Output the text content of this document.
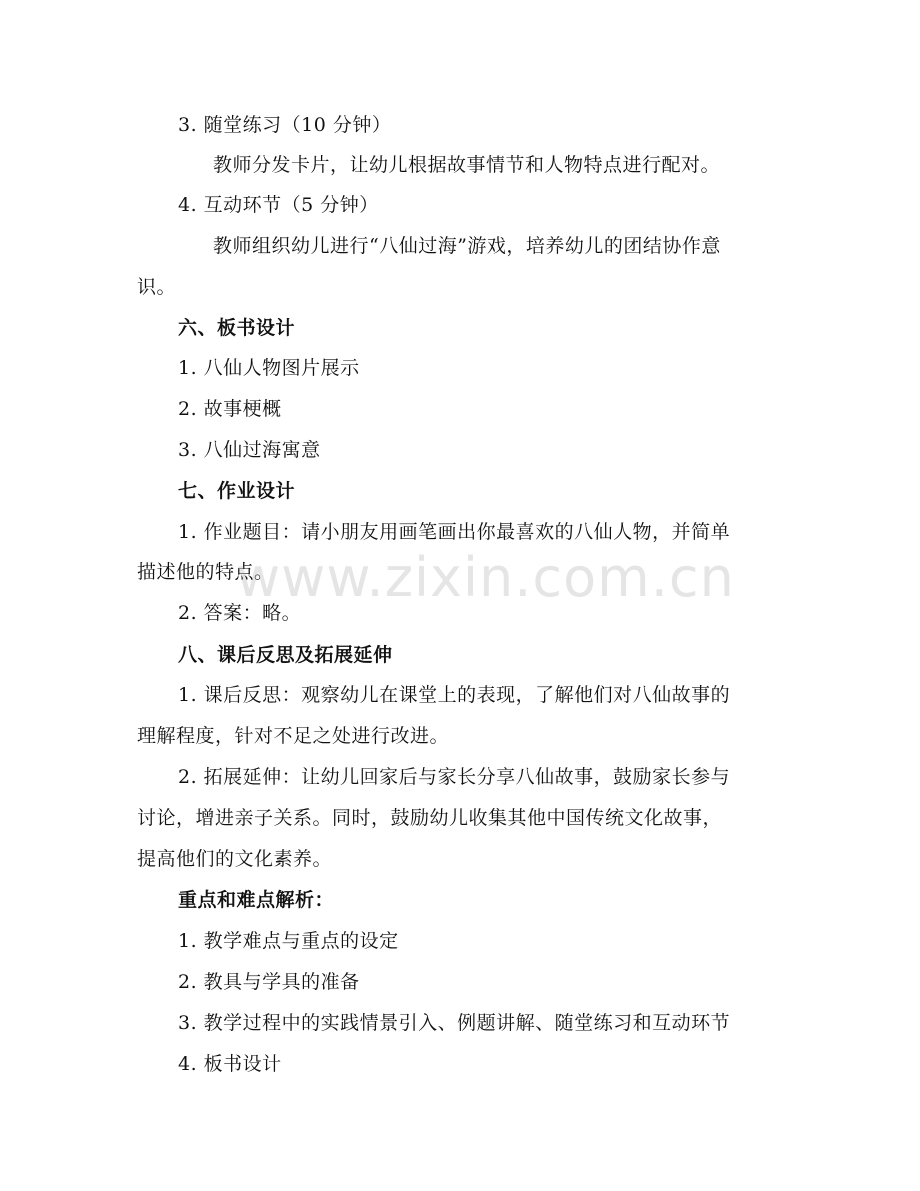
3. 随堂练习（10 分钟）
教师分发卡片，让幼儿根据故事情节和人物特点进行配对。
4. 互动环节（5 分钟）
教师组织幼儿进行“八仙过海”游戏，培养幼儿的团结协作意
识。
六、板书设计
1. 八仙人物图片展示
2. 故事梗概
3. 八仙过海寓意
七、作业设计
1. 作业题目：请小朋友用画笔画出你最喜欢的八仙人物，并简单
描述他的特点。
2. 答案：略。
八、课后反思及拓展延伸
1. 课后反思：观察幼儿在课堂上的表现，了解他们对八仙故事的
理解程度，针对不足之处进行改进。
2. 拓展延伸：让幼儿回家后与家长分享八仙故事，鼓励家长参与
讨论，增进亲子关系。同时，鼓励幼儿收集其他中国传统文化故事，
提高他们的文化素养。
重点和难点解析：
1. 教学难点与重点的设定
2. 教具与学具的准备
3. 教学过程中的实践情景引入、例题讲解、随堂练习和互动环节
4. 板书设计
www.zixin.com.cn
